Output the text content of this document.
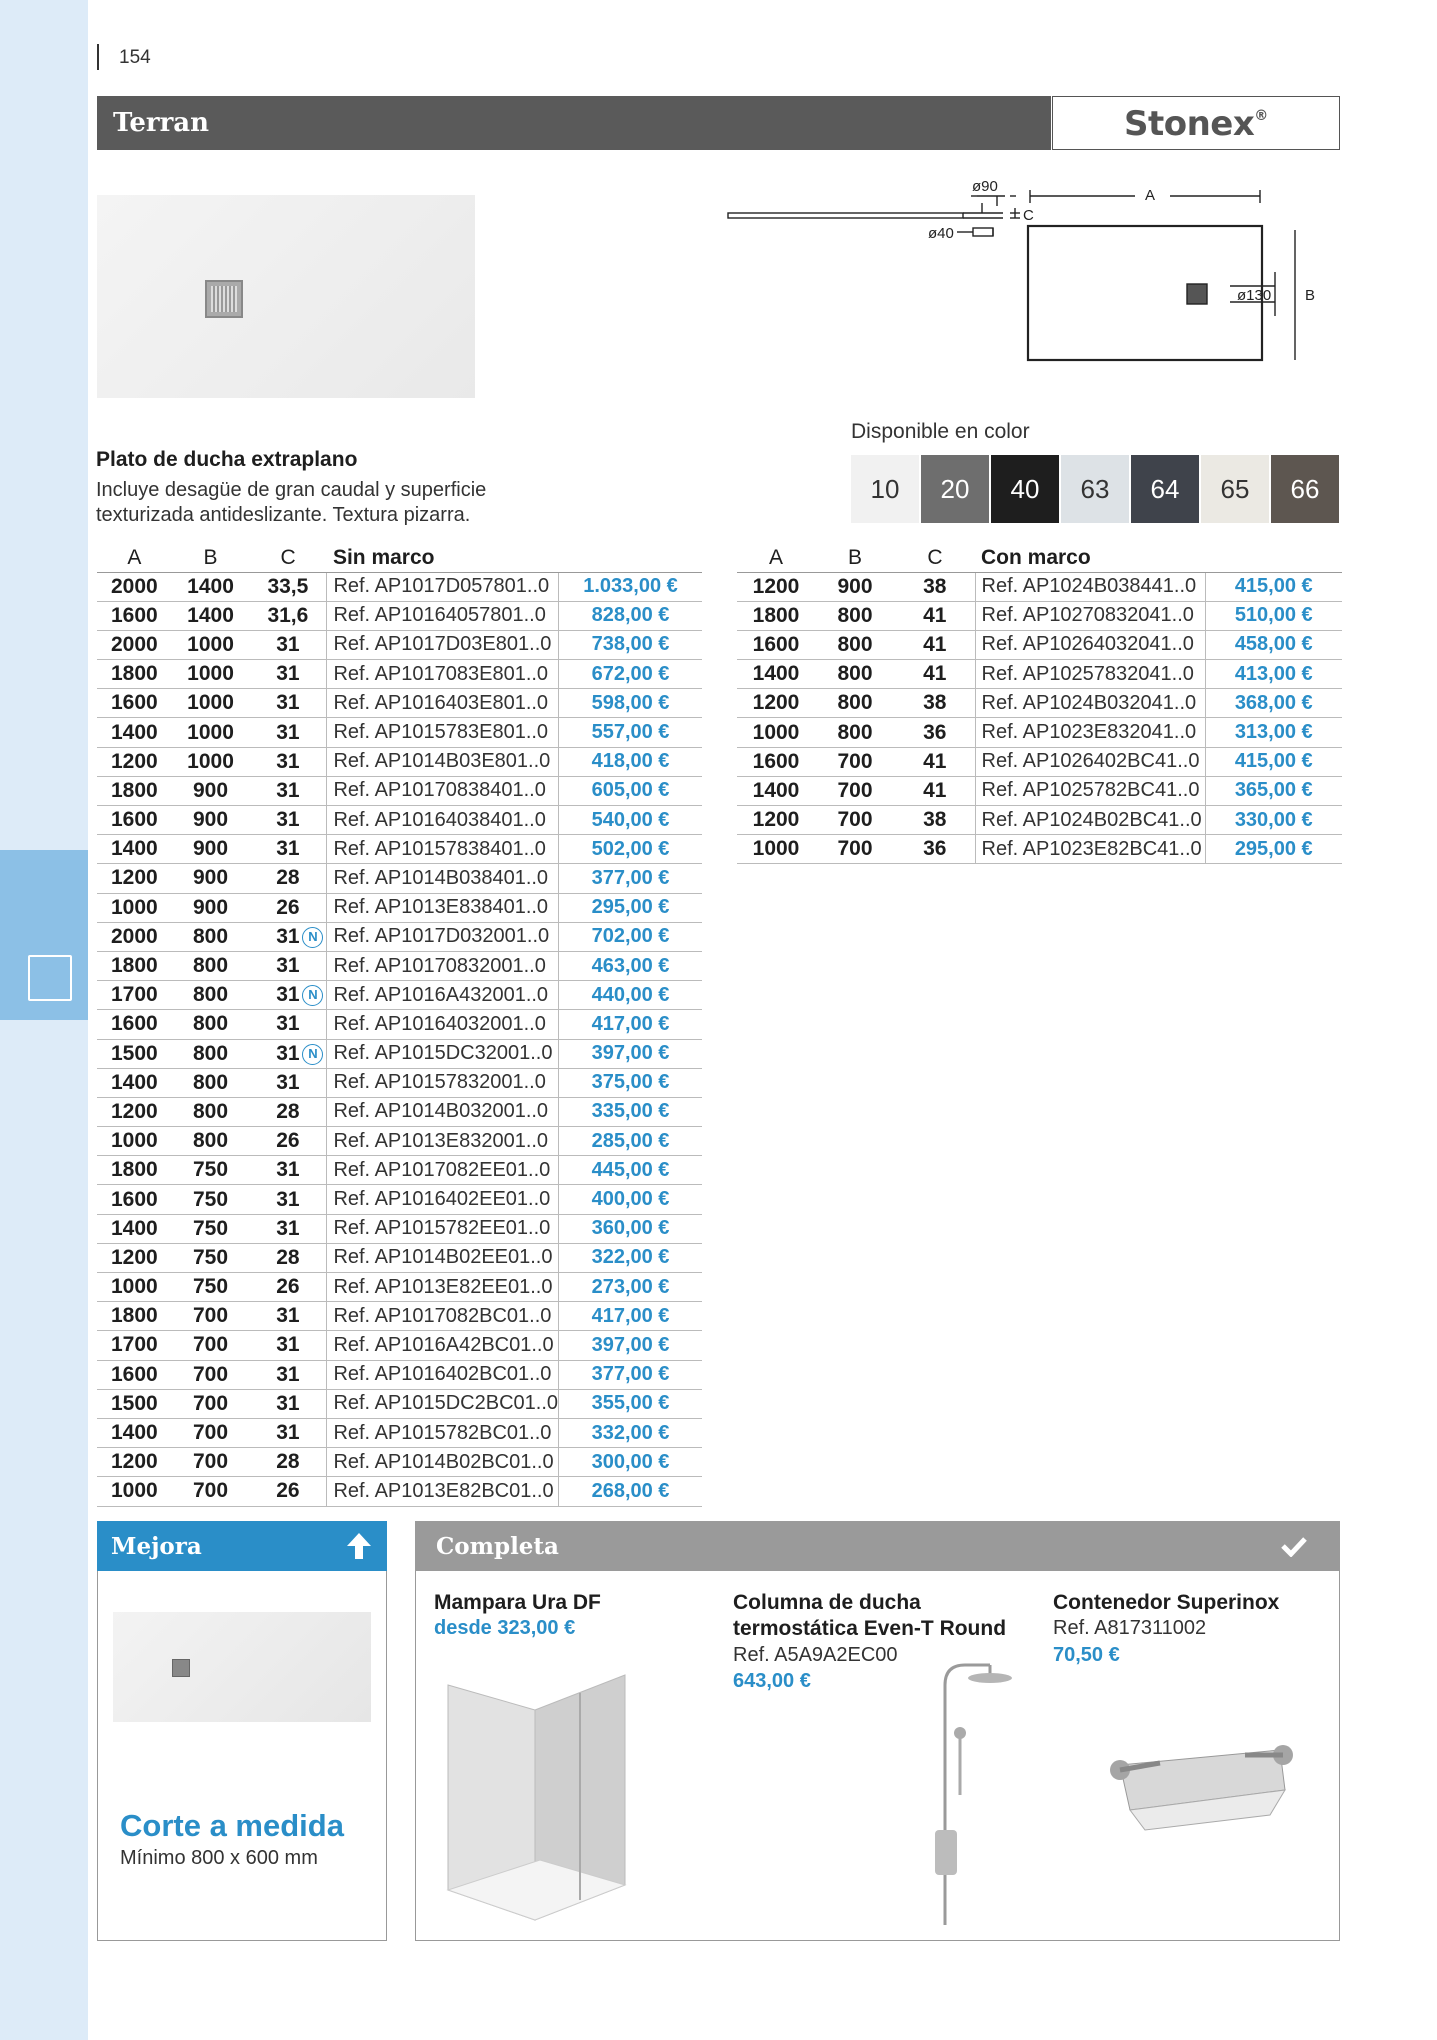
154
Terran	Stonex®
ø90
ø40
C
A
B
ø130
Plato de ducha extraplano
Incluye desagüe de gran caudal y superficie texturizada antideslizante. Textura pizarra.
Disponible en color
10	20	40	63	64	65	66
A	B	C	Sin marco	
2000	1400	33,5	Ref. AP1017D057801..0	1.033,00 €
1600	1400	31,6	Ref. AP10164057801..0	828,00 €
2000	1000	31	Ref. AP1017D03E801..0	738,00 €
1800	1000	31	Ref. AP1017083E801..0	672,00 €
1600	1000	31	Ref. AP1016403E801..0	598,00 €
1400	1000	31	Ref. AP1015783E801..0	557,00 €
1200	1000	31	Ref. AP1014B03E801..0	418,00 €
1800	900	31	Ref. AP10170838401..0	605,00 €
1600	900	31	Ref. AP10164038401..0	540,00 €
1400	900	31	Ref. AP10157838401..0	502,00 €
1200	900	28	Ref. AP1014B038401..0	377,00 €
1000	900	26	Ref. AP1013E838401..0	295,00 €
2000	800	31	N Ref. AP1017D032001..0	702,00 €
1800	800	31	Ref. AP10170832001..0	463,00 €
1700	800	31	N Ref. AP1016A432001..0	440,00 €
1600	800	31	Ref. AP10164032001..0	417,00 €
1500	800	31	N Ref. AP1015DC32001..0	397,00 €
1400	800	31	Ref. AP10157832001..0	375,00 €
1200	800	28	Ref. AP1014B032001..0	335,00 €
1000	800	26	Ref. AP1013E832001..0	285,00 €
1800	750	31	Ref. AP1017082EE01..0	445,00 €
1600	750	31	Ref. AP1016402EE01..0	400,00 €
1400	750	31	Ref. AP1015782EE01..0	360,00 €
1200	750	28	Ref. AP1014B02EE01..0	322,00 €
1000	750	26	Ref. AP1013E82EE01..0	273,00 €
1800	700	31	Ref. AP1017082BC01..0	417,00 €
1700	700	31	Ref. AP1016A42BC01..0	397,00 €
1600	700	31	Ref. AP1016402BC01..0	377,00 €
1500	700	31	Ref. AP1015DC2BC01..0	355,00 €
1400	700	31	Ref. AP1015782BC01..0	332,00 €
1200	700	28	Ref. AP1014B02BC01..0	300,00 €
1000	700	26	Ref. AP1013E82BC01..0	268,00 €
A	B	C	Con marco	
1200	900	38	Ref. AP1024B038441..0	415,00 €
1800	800	41	Ref. AP10270832041..0	510,00 €
1600	800	41	Ref. AP10264032041..0	458,00 €
1400	800	41	Ref. AP10257832041..0	413,00 €
1200	800	38	Ref. AP1024B032041..0	368,00 €
1000	800	36	Ref. AP1023E832041..0	313,00 €
1600	700	41	Ref. AP1026402BC41..0	415,00 €
1400	700	41	Ref. AP1025782BC41..0	365,00 €
1200	700	38	Ref. AP1024B02BC41..0	330,00 €
1000	700	36	Ref. AP1023E82BC41..0	295,00 €
Mejora
Corte a medida
Mínimo 800 x 600 mm
Completa
Mampara Ura DF
desde 323,00 €
Columna de ducha termostática Even-T Round
Ref. A5A9A2EC00
643,00 €
Contenedor Superinox
Ref. A817311002
70,50 €
